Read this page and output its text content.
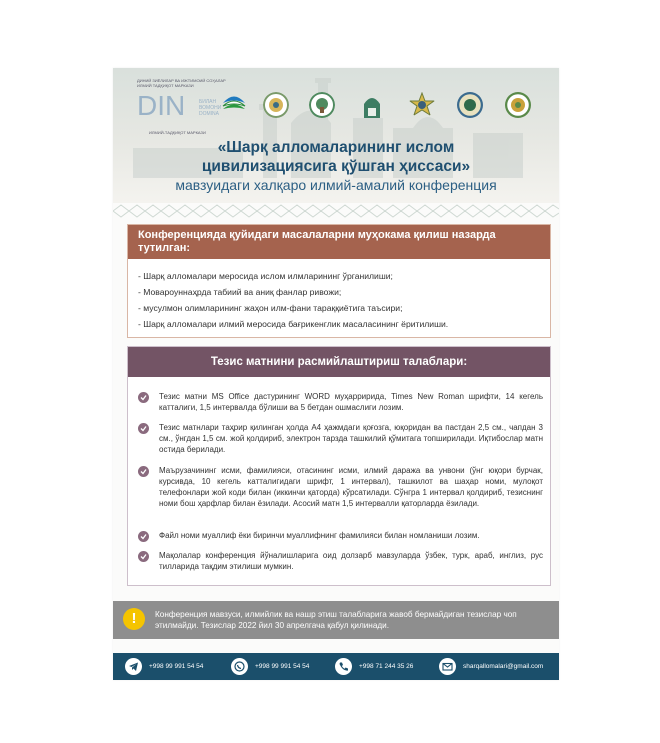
ДИНИЙ ЗИЁЛИЛАР ВА ИЖТИМОИЙ СОҲАЛАР ИЛМИЙ ТАДҚИҚОТ МАРКАЗИ
DIN	БИЛАН
ВОМОНИ
DOMINA
ИЛМИЙ-ТАДҚИҚОТ МАРКАЗИ
«Шарқ алломаларининг ислом
цивилизациясига қўшган ҳиссаси»
мавзуидаги халқаро илмий-амалий конференция
Конференцияда қуйидаги масалаларни муҳокама қилиш назарда тутилган:
- Шарқ алломалари меросида ислом илмларининг ўрганилиши;
- Мовароуннаҳрда табиий ва аниқ фанлар ривожи;
- мусулмон олимларининг жаҳон илм-фани тараққиётига таъсири;
- Шарқ алломалари илмий меросида бағрикенглик масаласининг ёритилиши.
Тезис матнини расмийлаштириш талаблари:
Тезис матни MS Office дастурининг WORD муҳарририда, Times New Roman шрифти, 14 кегель катталиги, 1,5 интервалда бўлиши ва 5 бетдан ошмаслиги лозим.
Тезис матнлари таҳрир қилинган ҳолда А4 ҳажмдаги қоғозга, юқоридан ва пастдан 2,5 см., чапдан 3 см., ўнгдан 1,5 см. жой қолдириб, электрон тарзда ташкилий қўмитага топширилади. Иқтибослар матн остида берилади.
Маърузачининг исми, фамилияси, отасининг исми, илмий даража ва унвони (ўнг юқори бурчак, курсивда, 10 кегель катталигидаги шрифт, 1 интервал), ташкилот ва шаҳар номи, мулоқот телефонлари жой коди билан (иккинчи қаторда) кўрсатилади. Сўнгра 1 интервал қолдириб, тезиснинг номи бош ҳарфлар билан ёзилади. Асосий матн 1,5 интервалли қаторларда ёзилади.
Файл номи муаллиф ёки биринчи муаллифнинг фамилияси билан номланиши лозим.
Мақолалар конференция йўналишларига оид долзарб мавзуларда ўзбек, турк, араб, инглиз, рус тилларида тақдим этилиши мумкин.
!	Конференция мавзуси, илмийлик ва нашр этиш талабларига жавоб бермайдиган тезислар чоп этилмайди. Тезислар 2022 йил 30 апрелгача қабул қилинади.
+998 99 991 54 54	+998 99 991 54 54	+998 71 244 35 26	sharqallomalari@gmail.com
